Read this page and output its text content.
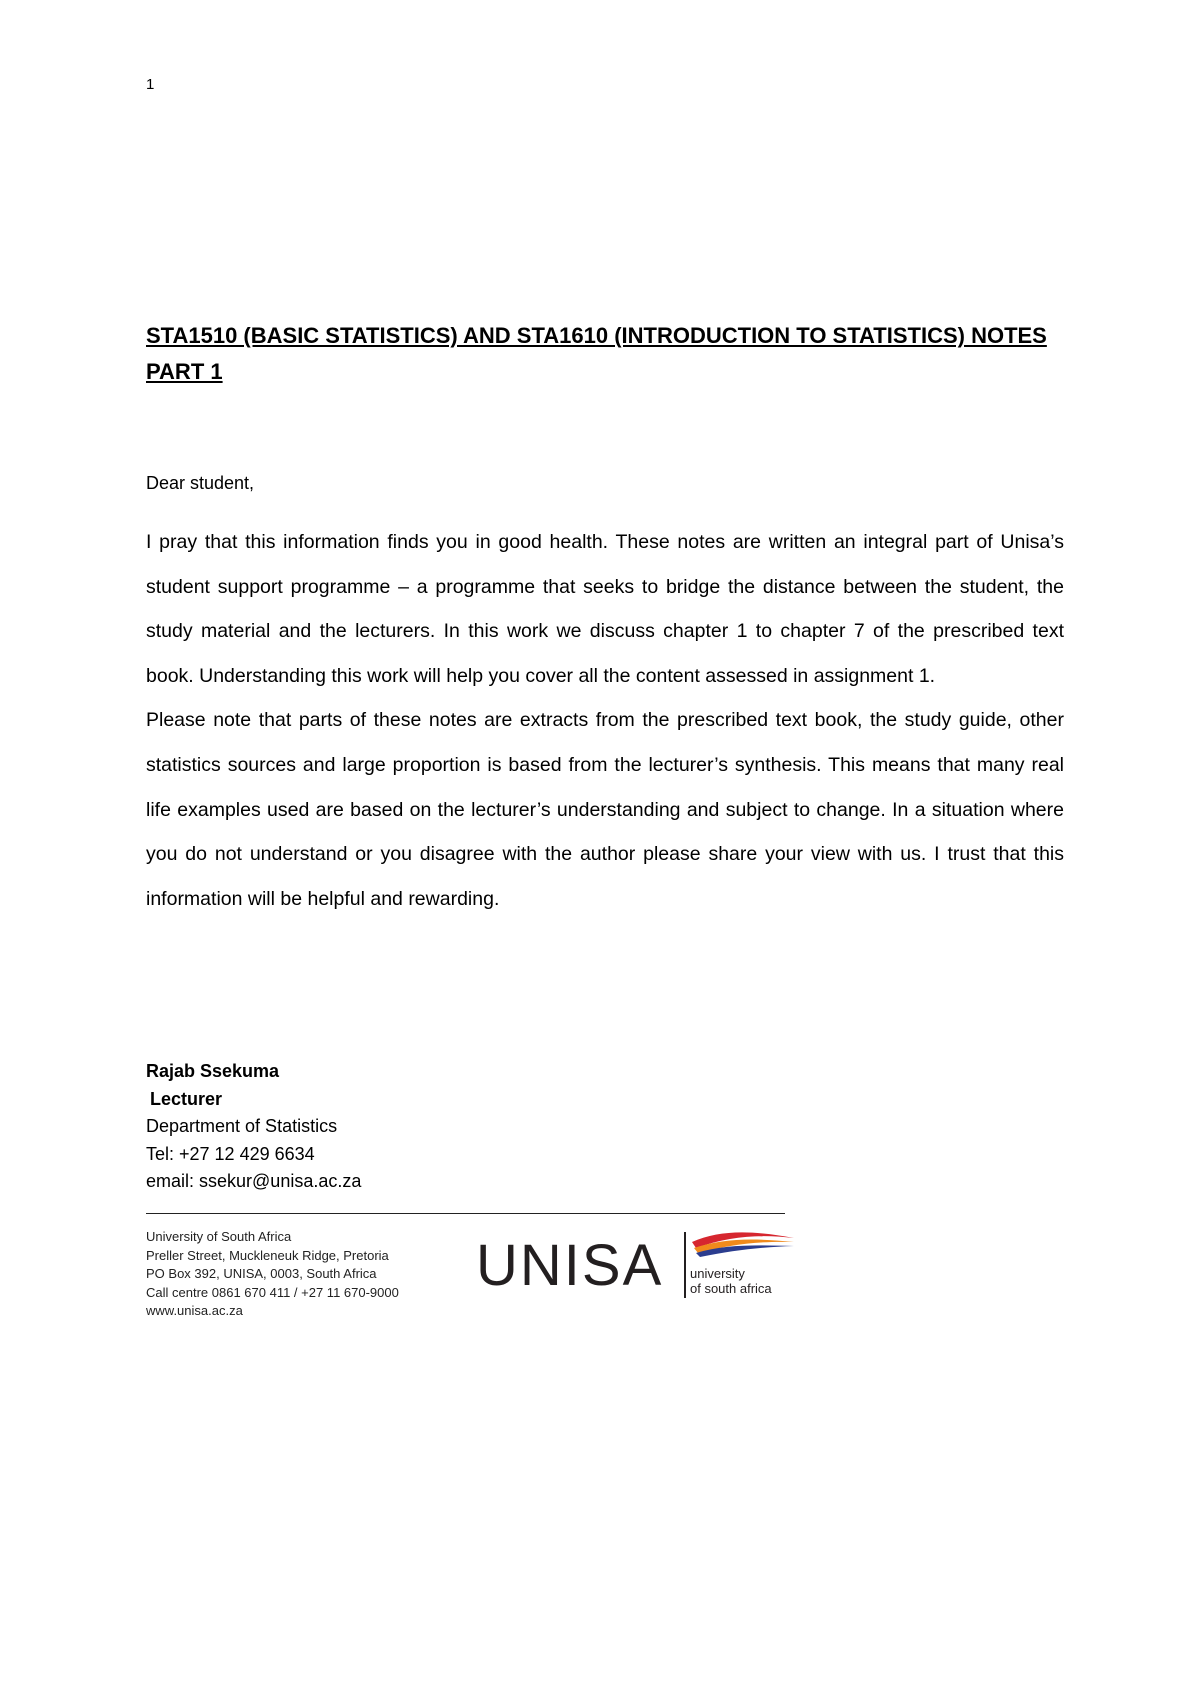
1
STA1510 (BASIC STATISTICS) AND STA1610 (INTRODUCTION TO STATISTICS) NOTES PART 1
Dear student,

I pray that this information finds you in good health. These notes are written an integral part of Unisa’s student support programme – a programme that seeks to bridge the distance between the student, the study material and the lecturers. In this work we discuss chapter 1 to chapter 7 of the prescribed text book. Understanding this work will help you cover all the content assessed in assignment 1.

Please note that parts of these notes are extracts from the prescribed text book, the study guide, other statistics sources and large proportion is based from the lecturer’s synthesis. This means that many real life examples used are based on the lecturer’s understanding and subject to change. In a situation where you do not understand or you disagree with the author please share your view with us. I trust that this information will be helpful and rewarding.

Rajab Ssekuma
Lecturer
Department of Statistics
Tel: +27 12 429 6634
email: ssekur@unisa.ac.za
University of South Africa
Preller Street, Muckleneuk Ridge, Pretoria
PO Box 392, UNISA, 0003, South Africa
Call centre 0861 670 411 / +27 11 670-9000
www.unisa.ac.za
UNISA university
of south africa
